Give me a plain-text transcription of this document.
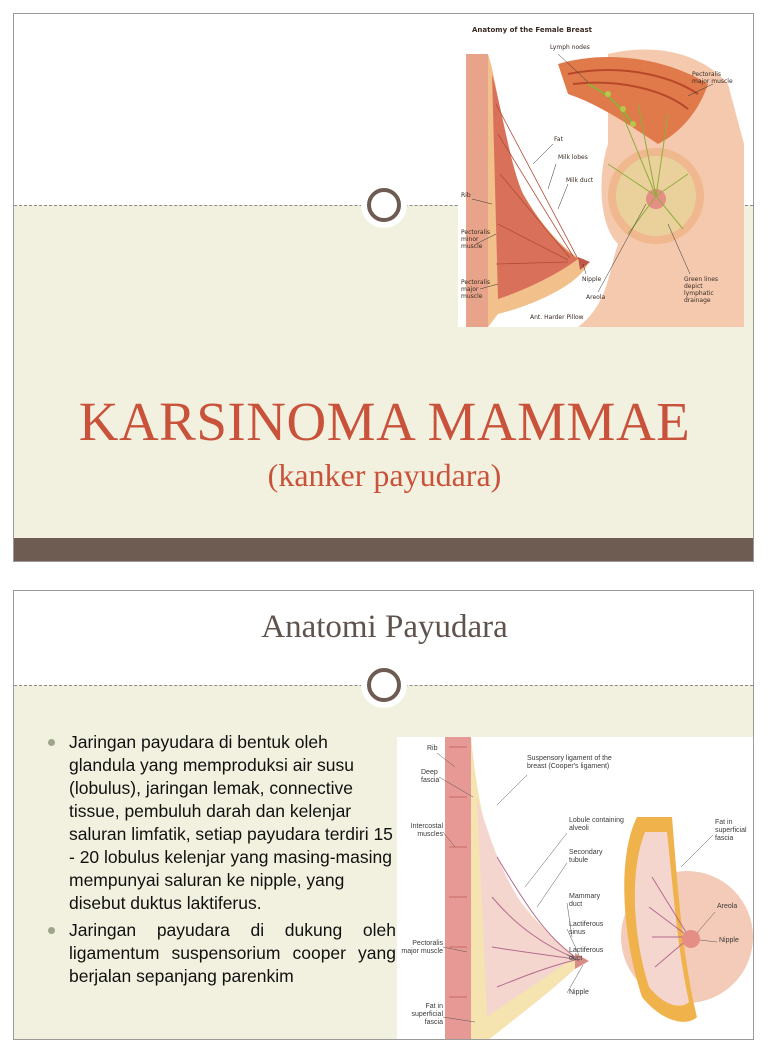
Anatomy of the Female Breast
Lymph nodes
Pectoralis major muscle
Fat
Milk lobes
Milk duct
Rib
Pectoralis minor muscle
Pectoralis major muscle
Nipple
Areola
Green lines depict lymphatic drainage
Ant. Harder Pillow
KARSINOMA MAMMAE
(kanker payudara)
Anatomi Payudara
Jaringan payudara di bentuk oleh glandula yang memproduksi air susu (lobulus), jaringan lemak, connective tissue, pembuluh darah dan kelenjar saluran limfatik, setiap payudara terdiri 15 - 20 lobulus kelenjar yang masing-masing mempunyai saluran ke nipple, yang disebut duktus laktiferus.
Jaringan payudara di dukung oleh ligamentum suspensorium cooper yang berjalan sepanjang parenkim
Rib
Deep fascia
Intercostal muscles
Pectoralis major muscle
Fat in superficial fascia
Suspensory ligament of the breast (Cooper's ligament)
Lobule containing alveoli
Secondary tubule
Mammary duct
Lactiferous sinus
Lactiferous duct
Nipple
Fat in superficial fascia
Areola
Nipple
